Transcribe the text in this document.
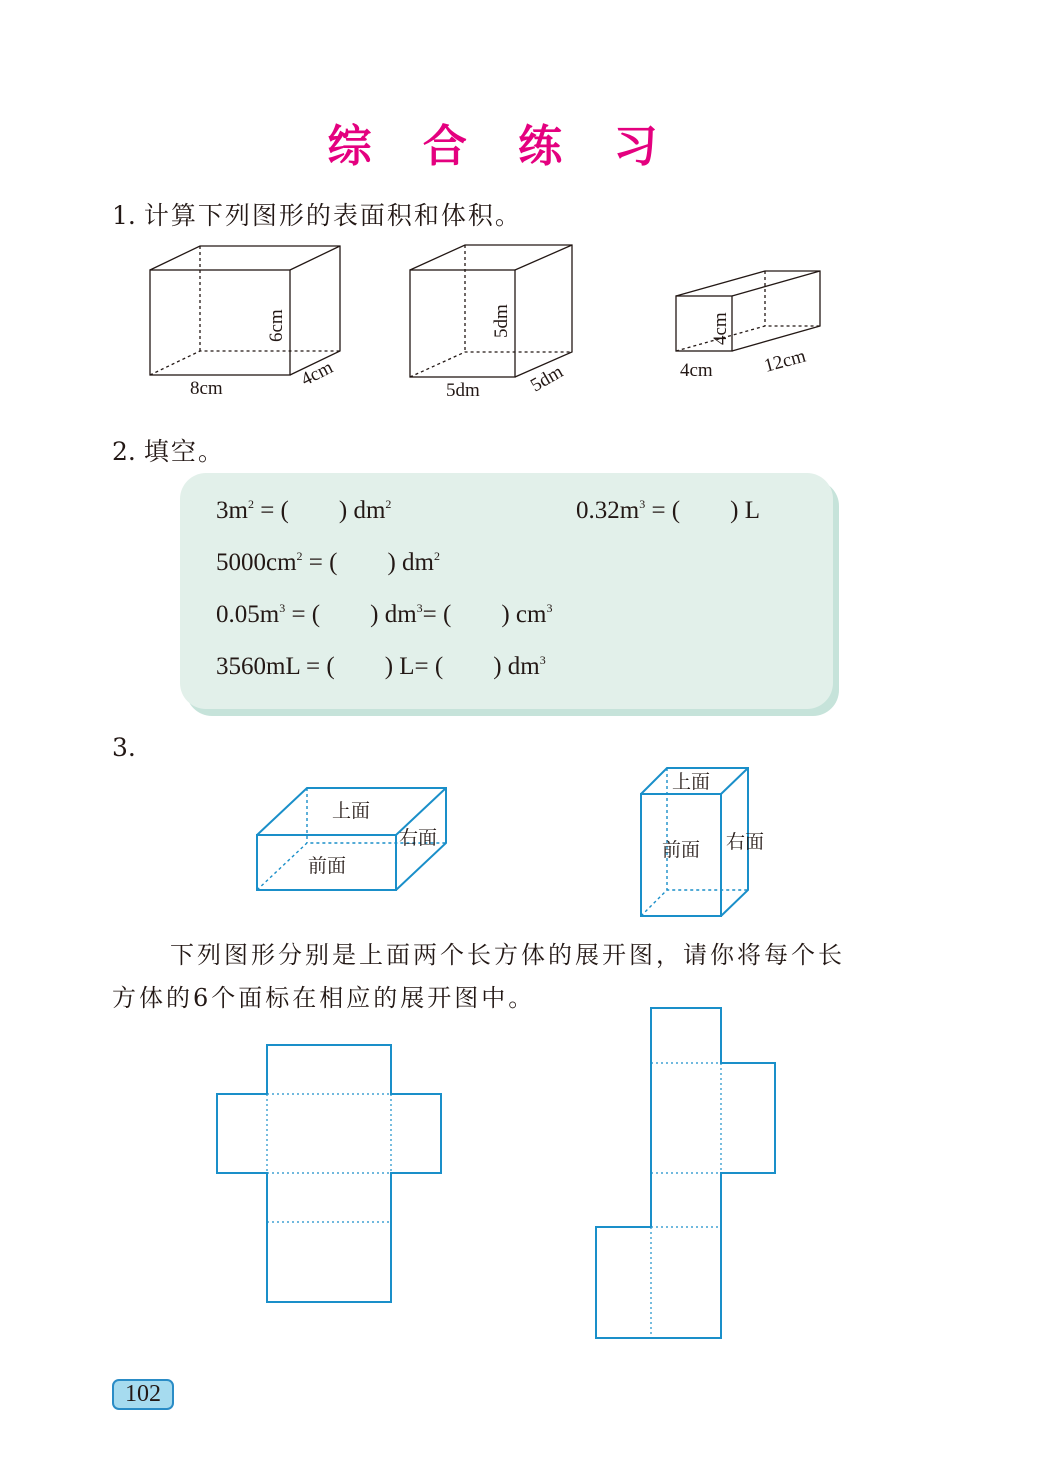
综 合 练 习
1. 计算下列图形的表面积和体积。
8cm	4cm
6cm
5dm 5dm
5dm
12cm
4cm
4cm
2. 填空。
$3m^2$ = (        ) $dm^2$	$0.32m^3$ = (        ) L
$5000cm^2$ = (        ) $dm^2$
$0.05m^3$ = (        ) $dm^3=$ (        ) $cm^3$
3560mL = (        ) L= (        ) $dm^3$
3.
上面
前面
右面
上面
前面 右面
下列图形分别是上面两个长方体的展开图，请你将每个长
方体的6个面标在相应的展开图中。
102
